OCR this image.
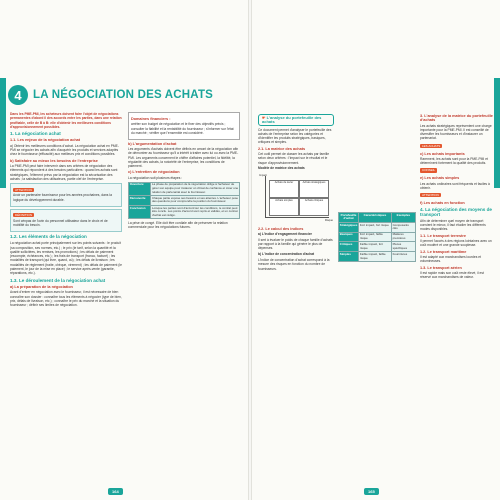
4 LA NÉGOCIATION DES ACHATS
Dans les PME-PMI, les acheteurs doivent faire l'objet de négociations permanentes d'abord il des accords entre les parties, dans une relation profitable, celle de B à B: elle d'obtenir les meilleures conditions d'approvisionnement possibles.
1. La négociation achat
1.1. Les enjeux de la négociation achat
a) Obtenir les meilleures conditions d'achat. La négociation achat en PME-PMI se négocier les achats afin d'acquérir les produits et services adaptés chez le fournisseur (efficacité) aux meilleurs prix et conditions possibles.
b) Satisfaire au mieux les besoins de l'entreprise
La PME-PMI peut faire intervenir dans ses critères de négociation des éléments qui répondent à des besoins particuliers : quand les achats sont stratégiques, l'élément prévu par la négociation est la sécurisation des achats ; la satisfaction des utilisateurs, partie clef de l'entreprise.
ATTENTION
Avoir un partenaire fournisseur pour les années prochaines, dans la logique du développement durable.
DÉFINITION
Sont cénpas de l'ovin du personnel utilisateur dans le choix et de mobilité du besoin.
1.2. Les éléments de la négociation
La négociation achat porte principalement sur les points suivants : le produit (sa composition, ses normes, etc.) ; le prix (le tarif, selon la quantité et la qualité sollicitées, les remises, les promotions) ; les délais de paiement (escompte, échéances, etc.) ; les frais de transport (franco, facturé) ; les modalités de transport (qui livre, quand, où) ; les délais de livraison ; les modalités de règlement (traite, chèque, virement) ; les délais de paiement (le paiement, le jour de la mise en place) ; le service après-vente (garantie, réparations, etc.).
1.3. Le déroulement de la négociation achat
a) La préparation de la négociation
Avant d'entrer en négociation avec le fournisseur, il est nécessaire de bien connaître son dossier : connaître tous les éléments à négocier (type de bien, prix, délais de livraison, etc.) ; connaître le prix du marché et la situation du fournisseur ; définir ses limites de négociation.
Domaines financiers :
arrêter son budget de négociation et le fixer des objectifs précis ; consulter la fiabilité et la rentabilité du fournisseur ; s'informer sur l'état du marché ; vérifier que l'ensemble est considéré.
b) L'argumentation d'achat
Les arguments d'achats doivent être définis en amont de la négociation afin de démontrer au fournisseur qu'il a intérêt à traiter avec lui ou avec la PME-PMI. Les arguments concernent le chiffre d'affaires potentiel, la fidélité, la régularité des achats, la notoriété de l'entreprise, les conditions de paiement.
c) L'entretien de négociation
La négociation suit plusieurs étapes :
Ouverture	La phase de préparation de la négociation oblige à l'acheteur de gérer son équipe pour instaurer un climat de confiance et créer une relation de partenariat avec le fournisseur.
Découverte	Chaque partie expose ses besoins et ses attentes. L'acheteur pose des questions pour comprendre la position du fournisseur.
Conclusion	Lorsque les parties sont d'accord sur les conditions, le contrat peut être conclu. Les points d'accord sont repris et validés, et un contrat d'achat est rédigé.
La prise de congé. Elle doit être cordiale afin de préserver la relation commerciale pour les négociations futures.
164
☛L'analyse du portefeuille des achats
Ce document permet d'analyser le portefeuille des achats de l'entreprise selon les catégories et d'identifier les produits stratégiques, basiques, critiques et simples.
2.1. La matrice des achats
Cet outil permet de classer les achats par famille selon deux critères : l'impact sur le résultat et le risque d'approvisionnement.
Modèle de matrice des achats
Impact
Risque
Achats de levier	Achats stratégiques
Achats simples	Achats critiques
2.2. Le calcul des indices
a) L'indice d'engagement financier
Il sert à évaluer le poids de chaque famille d'achats par rapport à la famille qui génère le plus de dépenses.
b) L'indice de concentration d'achat
L'indice de concentration d'achat correspond à la mesure des risques en fonction du nombre de fournisseurs.
Portefeuille d'achat	Caractéristiques	Exemples
Stratégiques	Fort impact, fort risque	Composants clés
Basiques	Fort impact, faible risque	Matières premières
Critiques	Faible impact, fort risque	Pièces spécifiques
Simples	Faible impact, faible risque	Fournitures
3. L'analyse de la matrice du portefeuille d'achats
Les achats stratégiques représentent une charge importante pour la PME-PMI. Il est conseillé de diversifier les fournisseurs et d'instaurer un partenariat.
LES ACHATS
c) Les achats importants
Rarement, les achats sont pour la PME-PMI et déterminent fortement la qualité des produits.
CONSEIL
e) Les achats simples
Les achats ordinaires sont fréquents et faciles à obtenir.
ATTENTION
f) Les achats en fonction
4. La négociation des moyens de transport
Afin de déterminer quel moyen de transport convient le mieux, il faut étudier les différents modes disponibles.
1.1. Le transport terrestre
Il permet l'accès à des régions lointaines avec un coût modéré et une grande souplesse.
1.2. Le transport maritime
Il est adapté aux marchandises lourdes et volumineuses.
1.3. Le transport aérien
Il est rapide mais son coût reste élevé, il est réservé aux marchandises de valeur.
165
